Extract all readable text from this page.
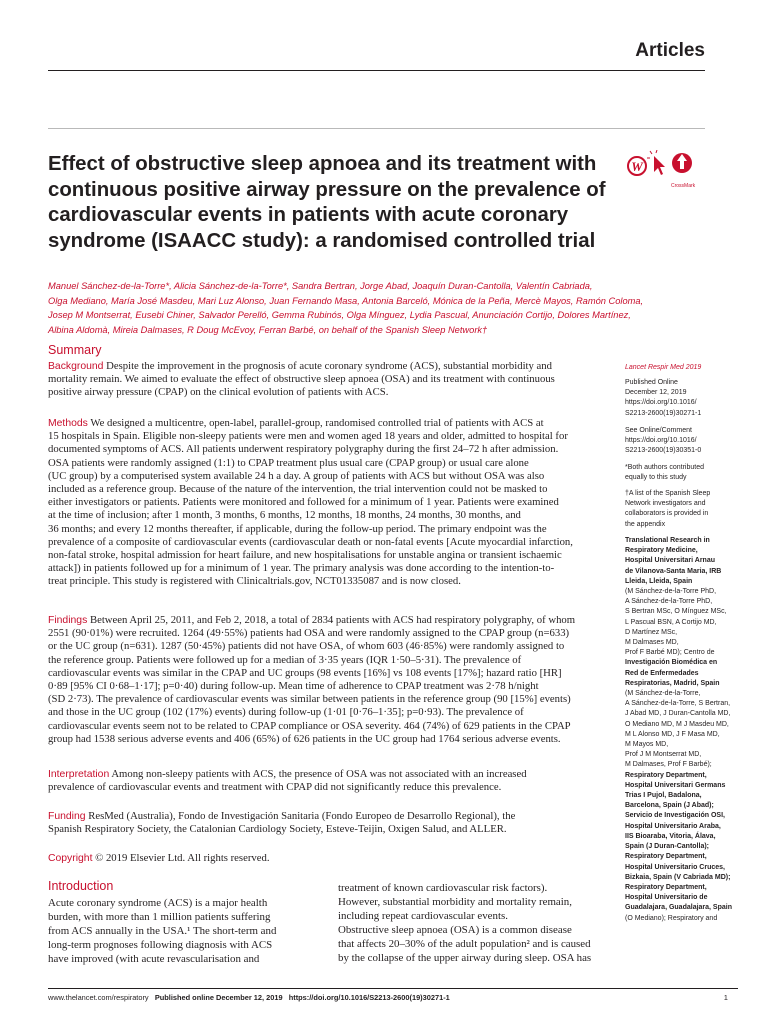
Articles
Effect of obstructive sleep apnoea and its treatment with
continuous positive airway pressure on the prevalence of
cardiovascular events in patients with acute coronary
syndrome (ISAACC study): a randomised controlled trial
W
CrossMark
Manuel Sánchez-de-la-Torre*, Alicia Sánchez-de-la-Torre*, Sandra Bertran, Jorge Abad, Joaquín Duran-Cantolla, Valentín Cabriada,
Olga Mediano, María José Masdeu, Mari Luz Alonso, Juan Fernando Masa, Antonia Barceló, Mónica de la Peña, Mercè Mayos, Ramón Coloma,
Josep M Montserrat, Eusebi Chiner, Salvador Perelló, Gemma Rubinós, Olga Mínguez, Lydia Pascual, Anunciación Cortijo, Dolores Martínez,
Albina Aldomà, Mireia Dalmases, R Doug McEvoy, Ferran Barbé, on behalf of the Spanish Sleep Network†
Summary
Background Despite the improvement in the prognosis of acute coronary syndrome (ACS), substantial morbidity and
mortality remain. We aimed to evaluate the effect of obstructive sleep apnoea (OSA) and its treatment with continuous
positive airway pressure (CPAP) on the clinical evolution of patients with ACS.
Methods We designed a multicentre, open-label, parallel-group, randomised controlled trial of patients with ACS at
15 hospitals in Spain. Eligible non-sleepy patients were men and women aged 18 years and older, admitted to hospital for
documented symptoms of ACS. All patients underwent respiratory polygraphy during the first 24–72 h after admission.
OSA patients were randomly assigned (1:1) to CPAP treatment plus usual care (CPAP group) or usual care alone
(UC group) by a computerised system available 24 h a day. A group of patients with ACS but without OSA was also
included as a reference group. Because of the nature of the intervention, the trial intervention could not be masked to
either investigators or patients. Patients were monitored and followed for a minimum of 1 year. Patients were examined
at the time of inclusion; after 1 month, 3 months, 6 months, 12 months, 18 months, 24 months, 30 months, and
36 months; and every 12 months thereafter, if applicable, during the follow-up period. The primary endpoint was the
prevalence of a composite of cardiovascular events (cardiovascular death or non-fatal events [Acute myocardial infarction,
non-fatal stroke, hospital admission for heart failure, and new hospitalisations for unstable angina or transient ischaemic
attack]) in patients followed up for a minimum of 1 year. The primary analysis was done according to the intention-to-
treat principle. This study is registered with Clinicaltrials.gov, NCT01335087 and is now closed.
Findings Between April 25, 2011, and Feb 2, 2018, a total of 2834 patients with ACS had respiratory polygraphy, of whom
2551 (90·01%) were recruited. 1264 (49·55%) patients had OSA and were randomly assigned to the CPAP group (n=633)
or the UC group (n=631). 1287 (50·45%) patients did not have OSA, of whom 603 (46·85%) were randomly assigned to
the reference group. Patients were followed up for a median of 3·35 years (IQR 1·50–5·31). The prevalence of
cardiovascular events was similar in the CPAP and UC groups (98 events [16%] vs 108 events [17%]; hazard ratio [HR]
0·89 [95% CI 0·68–1·17]; p=0·40) during follow-up. Mean time of adherence to CPAP treatment was 2·78 h/night
(SD 2·73). The prevalence of cardiovascular events was similar between patients in the reference group (90 [15%] events)
and those in the UC group (102 (17%) events) during follow-up (1·01 [0·76–1·35]; p=0·93). The prevalence of
cardiovascular events seem not to be related to CPAP compliance or OSA severity. 464 (74%) of 629 patients in the CPAP
group had 1538 serious adverse events and 406 (65%) of 626 patients in the UC group had 1764 serious adverse events.
Interpretation Among non-sleepy patients with ACS, the presence of OSA was not associated with an increased
prevalence of cardiovascular events and treatment with CPAP did not significantly reduce this prevalence.
Funding ResMed (Australia), Fondo de Investigación Sanitaria (Fondo Europeo de Desarrollo Regional), the
Spanish Respiratory Society, the Catalonian Cardiology Society, Esteve-Teijin, Oxigen Salud, and ALLER.
Copyright © 2019 Elsevier Ltd. All rights reserved.
Introduction
Acute coronary syndrome (ACS) is a major health
burden, with more than 1 million patients suffering
from ACS annually in the USA.¹ The short-term and
long-term prognoses following diagnosis with ACS
have improved (with acute revascularisation and
treatment of known cardiovascular risk factors).
However, substantial morbidity and mortality remain,
including repeat cardiovascular events.
Obstructive sleep apnoea (OSA) is a common disease
that affects 20–30% of the adult population² and is caused
by the collapse of the upper airway during sleep. OSA has
Lancet Respir Med 2019
Published Online
December 12, 2019
https://doi.org/10.1016/
S2213-2600(19)30271-1
See Online/Comment
https://doi.org/10.1016/
S2213-2600(19)30351-0
*Both authors contributed
equally to this study
†A list of the Spanish Sleep
Network investigators and
collaborators is provided in
the appendix
Translational Research in
Respiratory Medicine,
Hospital Universitari Arnau
de Vilanova-Santa Maria, IRB
Lleida, Lleida, Spain
(M Sánchez-de-la-Torre PhD,
A Sánchez-de-la-Torre PhD,
S Bertran MSc, O Mínguez MSc,
L Pascual BSN, A Cortijo MD,
D Martínez MSc,
M Dalmases MD,
Prof F Barbé MD); Centro de
Investigación Biomédica en
Red de Enfermedades
Respiratorias, Madrid, Spain
(M Sánchez-de-la-Torre,
A Sánchez-de-la-Torre, S Bertran,
J Abad MD, J Duran-Cantolla MD,
O Mediano MD, M J Masdeu MD,
M L Alonso MD, J F Masa MD,
M Mayos MD,
Prof J M Montserrat MD,
M Dalmases, Prof F Barbé);
Respiratory Department,
Hospital Universitari Germans
Trias I Pujol, Badalona,
Barcelona, Spain (J Abad);
Servicio de Investigación OSI,
Hospital Universitario Araba,
IIS Bioaraba, Vitoria, Álava,
Spain (J Duran-Cantolla);
Respiratory Department,
Hospital Universitario Cruces,
Bizkaia, Spain (V Cabriada MD);
Respiratory Department,
Hospital Universitario de
Guadalajara, Guadalajara, Spain
(O Mediano); Respiratory and
www.thelancet.com/respiratory Published online December 12, 2019 https://doi.org/10.1016/S2213-2600(19)30271-1	1
